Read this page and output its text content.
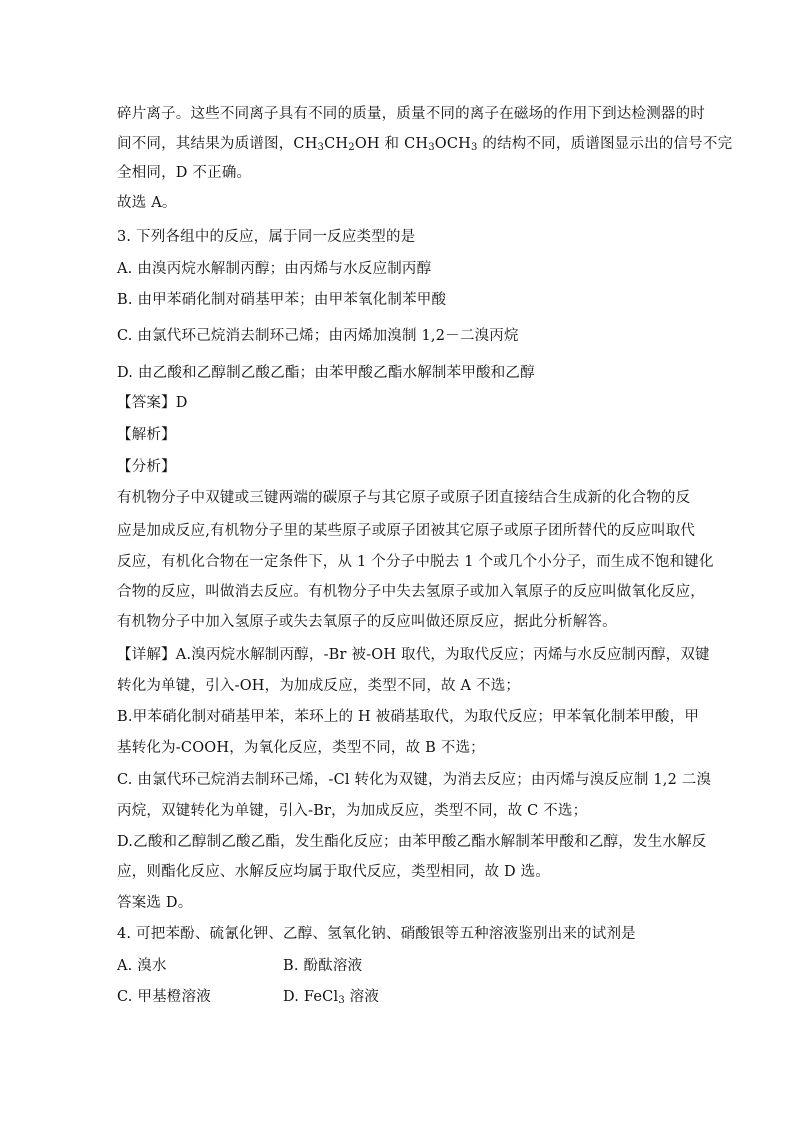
碎片离子。这些不同离子具有不同的质量，质量不同的离子在磁场的作用下到达检测器的时
间不同，其结果为质谱图，$CH_3CH_2OH$ 和 $CH_3OCH_3$ 的结构不同，质谱图显示出的信号不完
全相同，D 不正确。
故选 A。
3. 下列各组中的反应，属于同一反应类型的是
A. 由溴丙烷水解制丙醇；由丙烯与水反应制丙醇
B. 由甲苯硝化制对硝基甲苯；由甲苯氧化制苯甲酸
C. 由氯代环己烷消去制环己烯；由丙烯加溴制 1,2－二溴丙烷
D. 由乙酸和乙醇制乙酸乙酯；由苯甲酸乙酯水解制苯甲酸和乙醇
【答案】D
【解析】
【分析】
有机物分子中双键或三键两端的碳原子与其它原子或原子团直接结合生成新的化合物的反
应是加成反应,有机物分子里的某些原子或原子团被其它原子或原子团所替代的反应叫取代
反应，有机化合物在一定条件下，从 1 个分子中脱去 1 个或几个小分子，而生成不饱和键化
合物的反应，叫做消去反应。有机物分子中失去氢原子或加入氧原子的反应叫做氧化反应，
有机物分子中加入氢原子或失去氧原子的反应叫做还原反应，据此分析解答。
【详解】A.溴丙烷水解制丙醇，-Br 被-OH 取代，为取代反应；丙烯与水反应制丙醇，双键
转化为单键，引入-OH，为加成反应，类型不同，故 A 不选；
B.甲苯硝化制对硝基甲苯，苯环上的 H 被硝基取代，为取代反应；甲苯氧化制苯甲酸，甲
基转化为-COOH，为氧化反应，类型不同，故 B 不选；
C. 由氯代环己烷消去制环己烯，-Cl 转化为双键，为消去反应；由丙烯与溴反应制 1,2 二溴
丙烷，双键转化为单键，引入-Br，为加成反应，类型不同，故 C 不选；
D.乙酸和乙醇制乙酸乙酯，发生酯化反应；由苯甲酸乙酯水解制苯甲酸和乙醇，发生水解反
应，则酯化反应、水解反应均属于取代反应，类型相同，故 D 选。
答案选 D。
4. 可把苯酚、硫氰化钾、乙醇、氢氧化钠、硝酸银等五种溶液鉴别出来的试剂是
A. 溴水	B. 酚酞溶液
C. 甲基橙溶液	D. FeCl$_3$ 溶液
